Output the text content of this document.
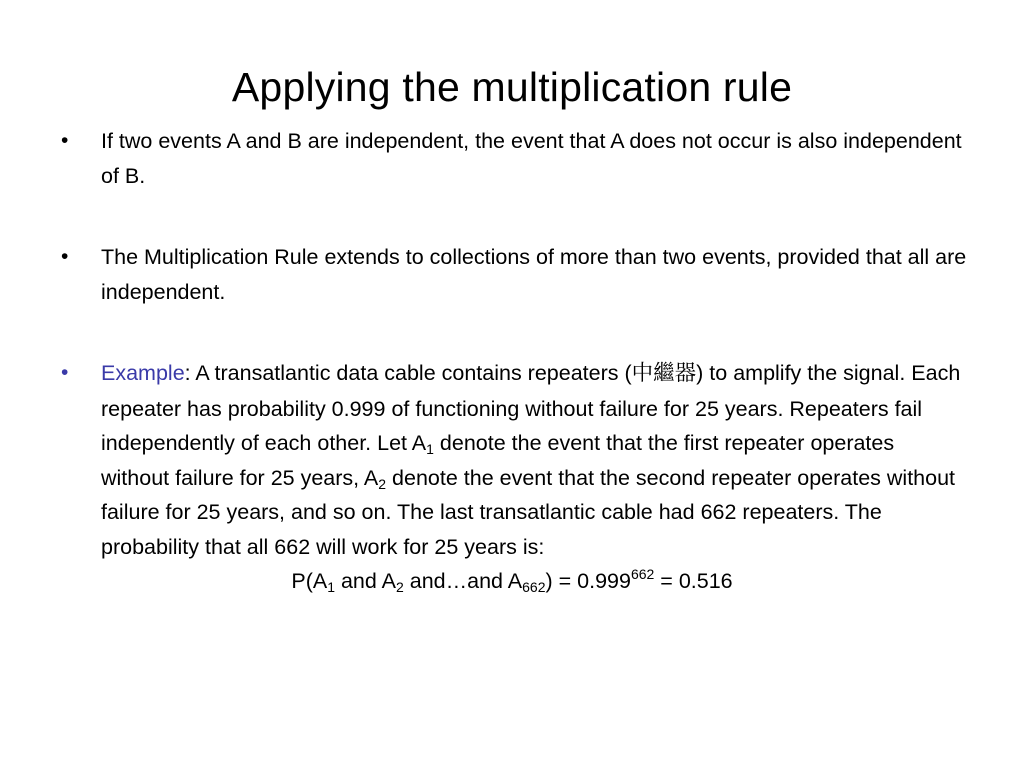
Applying the multiplication rule
• If two events A and B are independent, the event that A does not occur is also independent of B.
• The Multiplication Rule extends to collections of more than two events, provided that all are independent.
• Example: A transatlantic data cable contains repeaters (中繼器) to amplify the signal. Each repeater has probability 0.999 of functioning without failure for 25 years. Repeaters fail independently of each other. Let $A_1$ denote the event that the first repeater operates without failure for 25 years, $A_2$ denote the event that the second repeater operates without failure for 25 years, and so on. The last transatlantic cable had 662 repeaters. The probability that all 662 will work for 25 years is:
$P(A_1$ and $A_2$ and…and $A_{662}) = 0.999^{662} = 0.516$
